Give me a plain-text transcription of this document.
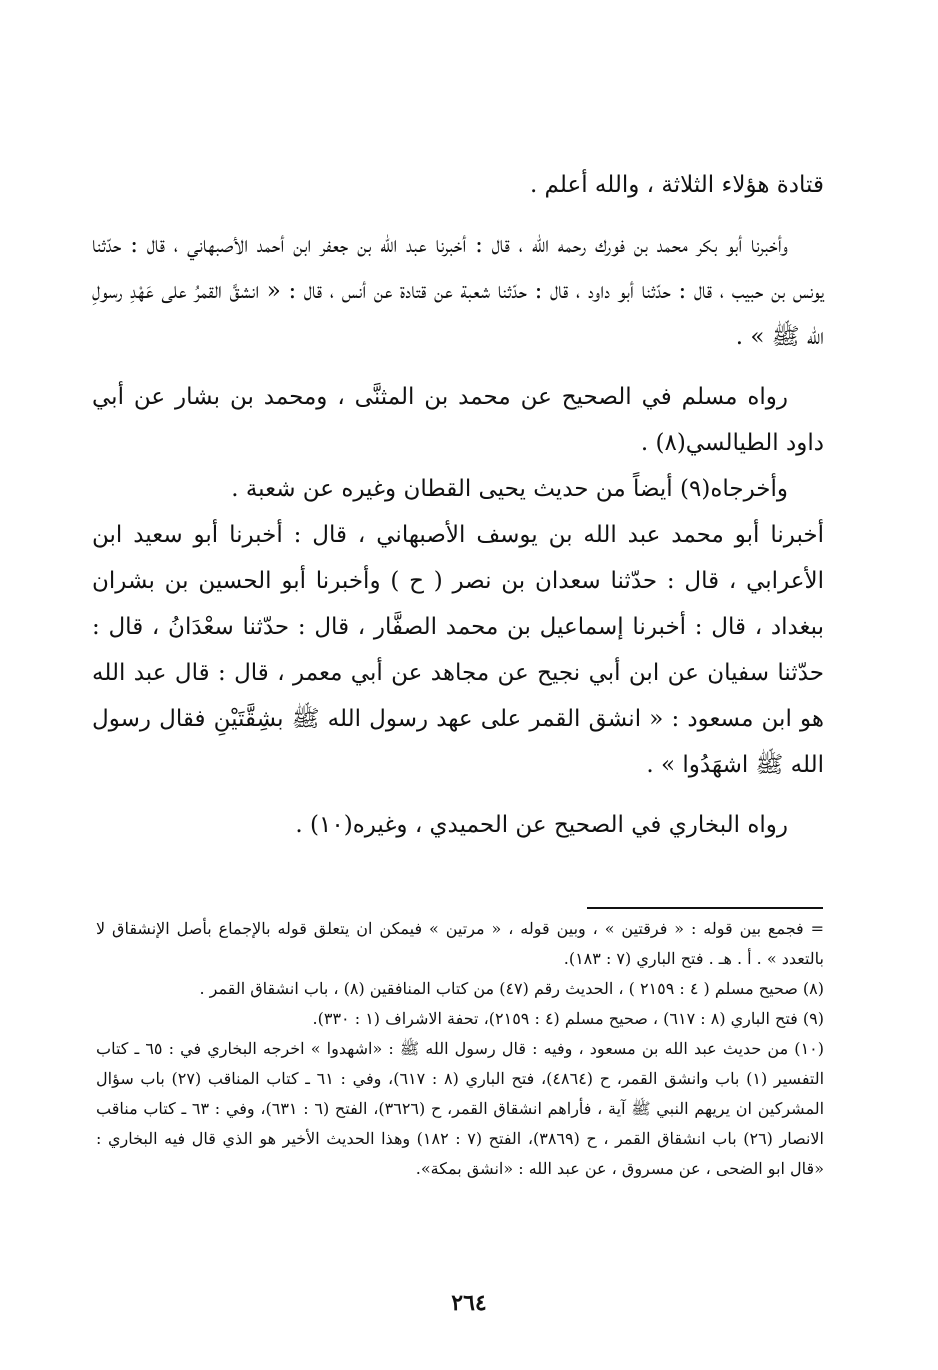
قتادة هؤلاء الثلاثة ، والله أعلم .

وأخبرنا أبو بكر محمد بن فورك رحمه الله ، قال : أخبرنا عبد الله بن جعفر ابن أحمد الأصبهاني ، قال : حدّثنا يونس بن حبيب ، قال : حدّثنا أبو داود ، قال : حدّثنا شعبة عن قتادة عن أنس ، قال : « انشقَّ القمرُ على عَهْدِ رسولِ الله ﷺ » .

رواه مسلم في الصحيح عن محمد بن المثنَّى ، ومحمد بن بشار عن أبي داود الطيالسي(٨) .

وأخرجاه(٩) أيضاً من حديث يحيى القطان وغيره عن شعبة .

أخبرنا أبو محمد عبد الله بن يوسف الأصبهاني ، قال : أخبرنا أبو سعيد ابن الأعرابي ، قال : حدّثنا سعدان بن نصر ( ح ) وأخبرنا أبو الحسين بن بشران ببغداد ، قال : أخبرنا إسماعيل بن محمد الصفَّار ، قال : حدّثنا سعْدَانُ ، قال : حدّثنا سفيان عن ابن أبي نجيح عن مجاهد عن أبي معمر ، قال : قال عبد الله هو ابن مسعود : « انشق القمر على عهد رسول الله ﷺ بشِقَّتَيْنِ فقال رسول الله ﷺ اشهَدُوا » .

رواه البخاري في الصحيح عن الحميدي ، وغيره(١٠) .

= فجمع بين قوله : « فرقتين » ، وبين قوله ، « مرتين » فيمكن ان يتعلق قوله بالإجماع بأصل الإنشقاق لا بالتعدد » . أ . هـ . فتح الباري (٧ : ١٨٣).

(٨) صحيح مسلم ( ٤ : ٢١٥٩ ) ، الحديث رقم (٤٧) من كتاب المنافقين (٨) ، باب انشقاق القمر .

(٩) فتح الباري (٨ : ٦١٧) ، صحيح مسلم (٤ : ٢١٥٩)، تحفة الاشراف (١ : ٣٣٠).

(١٠) من حديث عبد الله بن مسعود ، وفيه : قال رسول الله ﷺ : «اشهدوا » اخرجه البخاري في : ٦٥ ـ كتاب التفسير (١) باب وانشق القمر، ح (٤٨٦٤)، فتح الباري (٨ : ٦١٧)، وفي : ٦١ ـ كتاب المناقب (٢٧) باب سؤال المشركين ان يريهم النبي ﷺ آية ، فأراهم انشقاق القمر، ح (٣٦٢٦)، الفتح (٦ : ٦٣١)، وفي : ٦٣ ـ كتاب مناقب الانصار (٢٦) باب انشقاق القمر ، ح (٣٨٦٩)، الفتح (٧ : ١٨٢) وهذا الحديث الأخير هو الذي قال فيه البخاري : «قال ابو الضحى ، عن مسروق ، عن عبد الله : «انشق بمكة».

٢٦٤
